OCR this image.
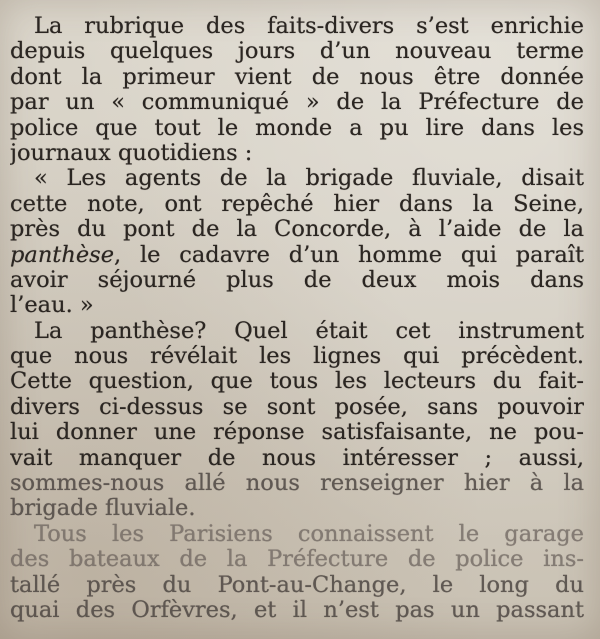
La rubrique des faits-divers s’est enrichie
depuis quelques jours d’un nouveau terme
dont la primeur vient de nous être donnée
par un « communiqué » de la Préfecture de
police que tout le monde a pu lire dans les
journaux quotidiens :
« Les agents de la brigade fluviale, disait
cette note, ont repêché hier dans la Seine,
près du pont de la Concorde, à l’aide de la
panthèse, le cadavre d’un homme qui paraît
avoir séjourné plus de deux mois dans
l’eau. »
La panthèse? Quel était cet instrument
que nous révélait les lignes qui précèdent.
Cette question, que tous les lecteurs du fait-
divers ci-dessus se sont posée, sans pouvoir
lui donner une réponse satisfaisante, ne pou-
vait manquer de nous intéresser ; aussi,
sommes-nous allé nous renseigner hier à la
brigade fluviale.
Tous les Parisiens connaissent le garage
des bateaux de la Préfecture de police ins-
tallé près du Pont-au-Change, le long du
quai des Orfèvres, et il n’est pas un passant
